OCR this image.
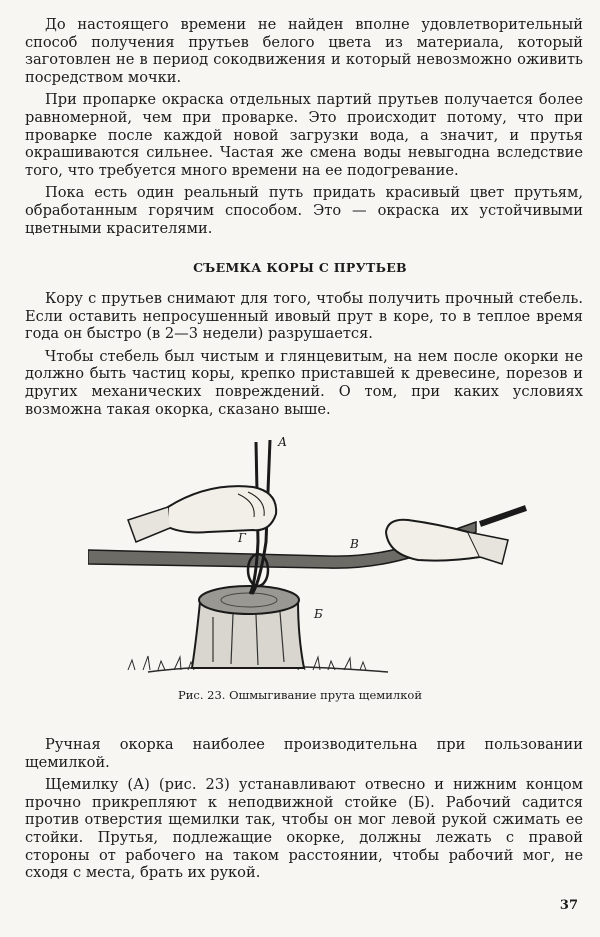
До настоящего времени не найден вполне удовлетворительный способ получения прутьев белого цвета из материала, который заготовлен не в период сокодвижения и который невозможно оживить посредством мочки.

При пропарке окраска отдельных партий прутьев получается более равномерной, чем при проварке. Это происходит потому, что при проварке после каждой новой загрузки вода, а значит, и прутья окрашиваются сильнее. Частая же смена воды невыгодна вследствие того, что требуется много времени на ее подогревание.

Пока есть один реальный путь придать красивый цвет прутьям, обработанным горячим способом. Это — окраска их устойчивыми цветными красителями.

СЪЕМКА КОРЫ С ПРУТЬЕВ

Кору с прутьев снимают для того, чтобы получить прочный стебель. Если оставить непросушенный ивовый прут в коре, то в теплое время года он быстро (в 2—3 недели) разрушается.

Чтобы стебель был чистым и глянцевитым, на нем после окорки не должно быть частиц коры, крепко приставшей к древесине, порезов и других механических повреждений. О том, при каких условиях возможна такая окорка, сказано выше.

А
Б
В
Г
Рис. 23. Ошмыгивание прута щемилкой

Ручная окорка наиболее производительна при пользовании щемилкой.

Щемилку (А) (рис. 23) устанавливают отвесно и нижним концом прочно прикрепляют к неподвижной стойке (Б). Рабочий садится против отверстия щемилки так, чтобы он мог левой рукой сжимать ее стойки. Прутья, подлежащие окорке, должны лежать с правой стороны от рабочего на таком расстоянии, чтобы рабочий мог, не сходя с места, брать их рукой.

37
